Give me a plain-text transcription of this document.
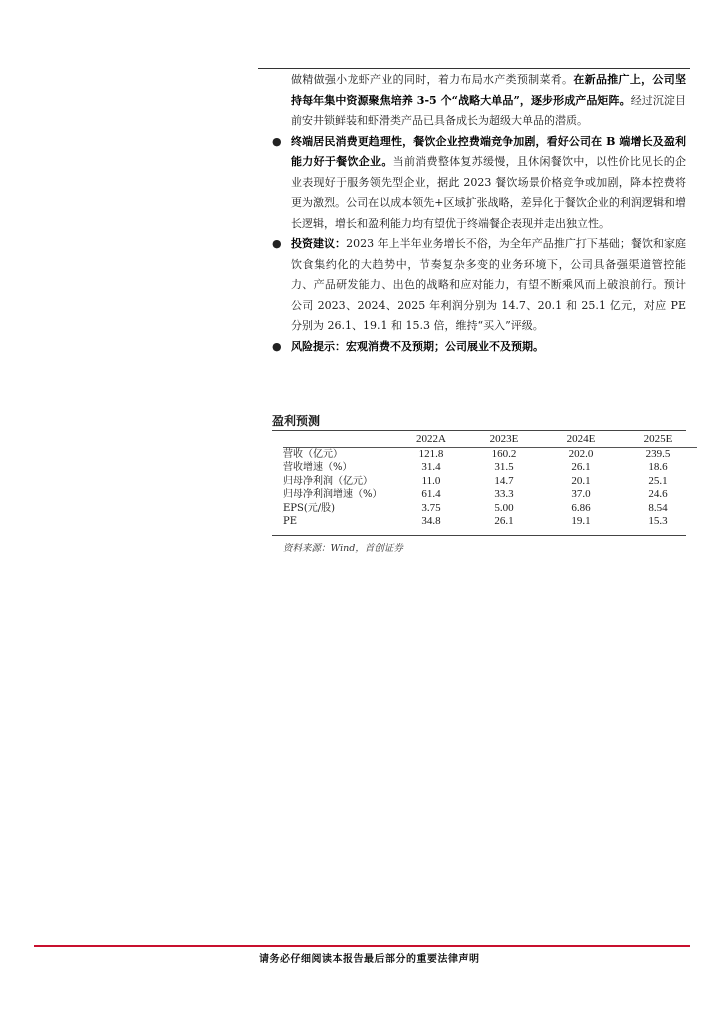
做精做强小龙虾产业的同时，着力布局水产类预制菜肴。在新品推广上，公司坚持每年集中资源聚焦培养 3-5 个“战略大单品”，逐步形成产品矩阵。经过沉淀目前安井锁鲜装和虾滑类产品已具备成长为超级大单品的潜质。

● 终端居民消费更趋理性，餐饮企业控费端竞争加剧，看好公司在 B 端增长及盈利能力好于餐饮企业。当前消费整体复苏缓慢，且休闲餐饮中，以性价比见长的企业表现好于服务领先型企业，据此 2023 餐饮场景价格竞争或加剧，降本控费将更为激烈。公司在以成本领先+区域扩张战略，差异化于餐饮企业的利润逻辑和增长逻辑，增长和盈利能力均有望优于终端餐企表现并走出独立性。
● 投资建议：2023 年上半年业务增长不俗，为全年产品推广打下基础；餐饮和家庭饮食集约化的大趋势中，节奏复杂多变的业务环境下，公司具备强渠道管控能力、产品研发能力、出色的战略和应对能力，有望不断乘风而上破浪前行。预计公司 2023、2024、2025 年利润分别为 14.7、20.1 和 25.1 亿元，对应 PE 分别为 26.1、19.1 和 15.3 倍，维持“买入”评级。
● 风险提示：宏观消费不及预期；公司展业不及预期。
盈利预测
	2022A	2023E	2024E	2025E
营收（亿元）	121.8	160.2	202.0	239.5
营收增速（%）	31.4	31.5	26.1	18.6
归母净利润（亿元）	11.0	14.7	20.1	25.1
归母净利润增速（%）	61.4	33.3	37.0	24.6
EPS(元/股)	3.75	5.00	6.86	8.54
PE	34.8	26.1	19.1	15.3
资料来源：Wind，首创证券
请务必仔细阅读本报告最后部分的重要法律声明
